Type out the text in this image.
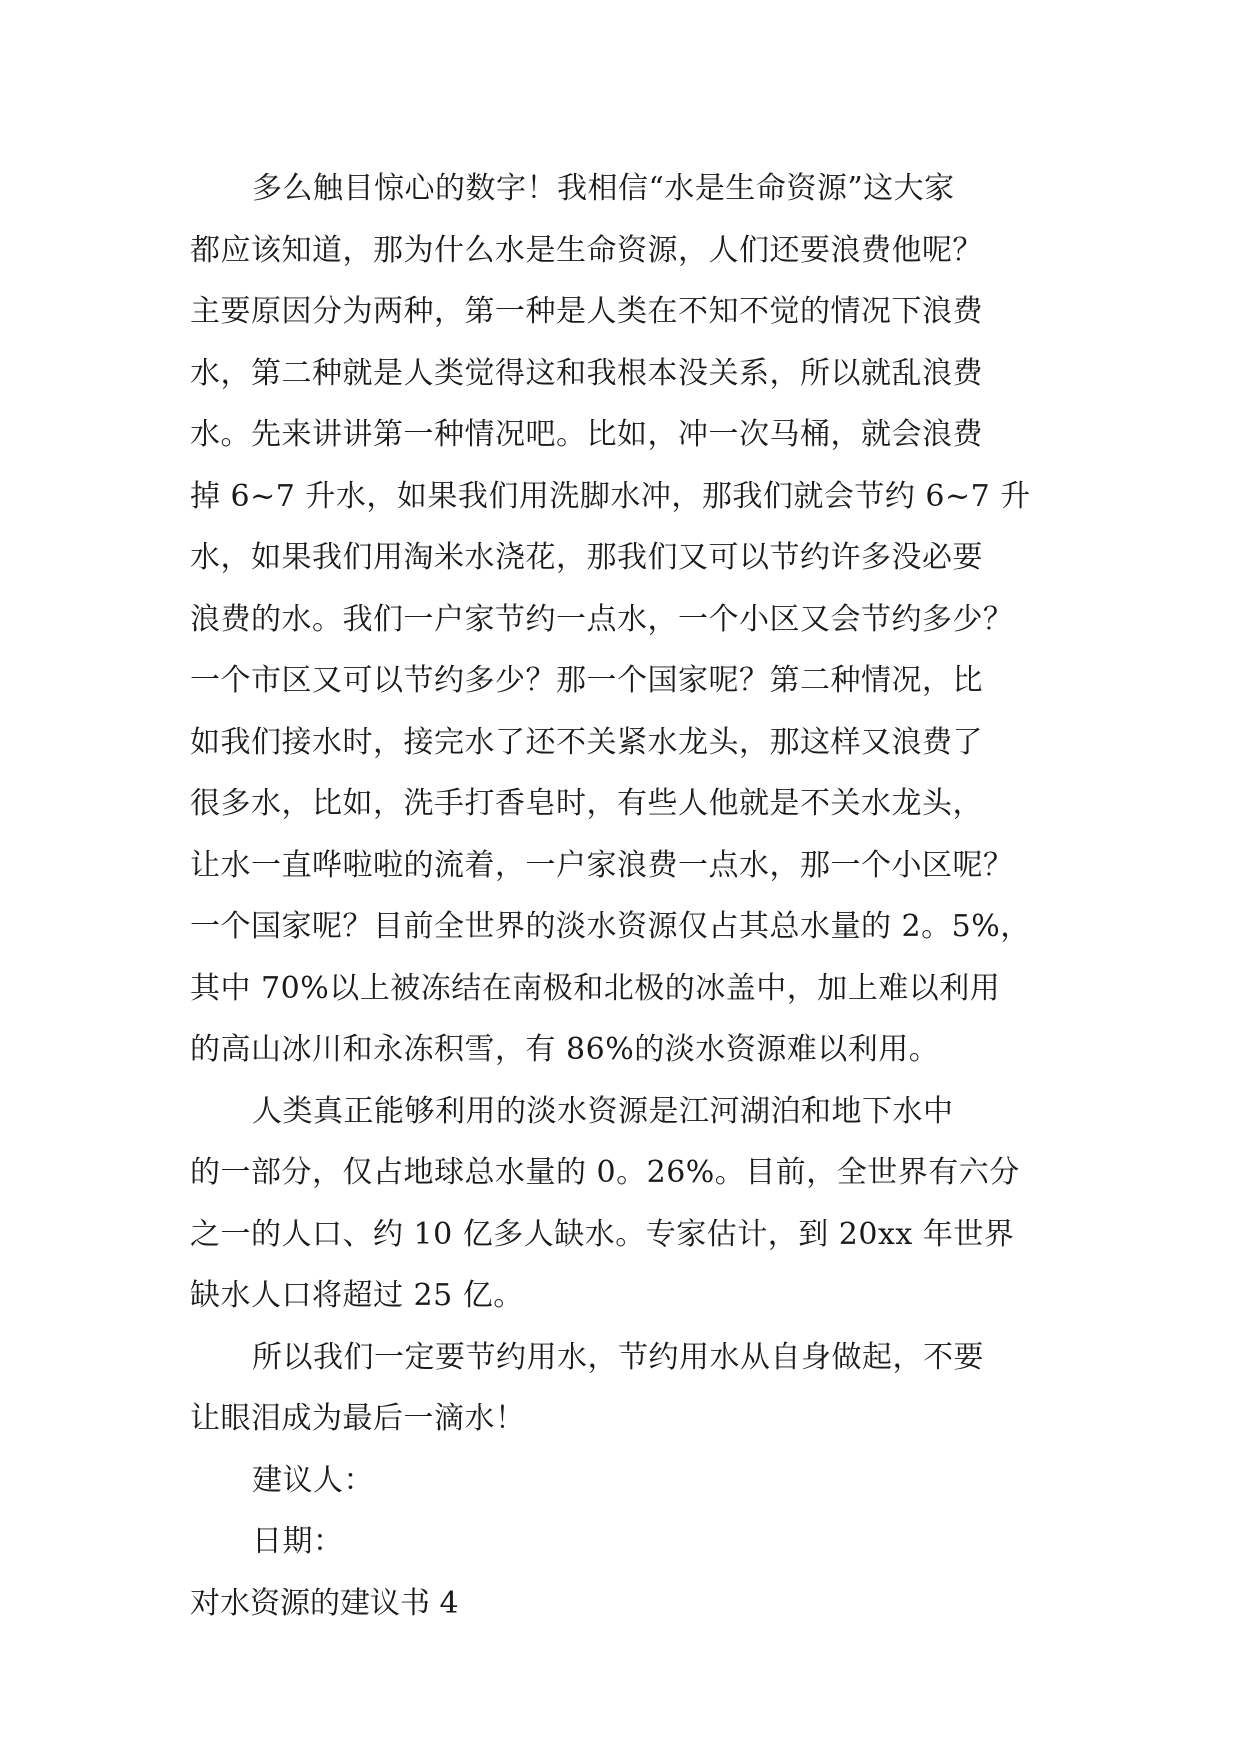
多么触目惊心的数字！我相信“水是生命资源”这大家
都应该知道，那为什么水是生命资源，人们还要浪费他呢？
主要原因分为两种，第一种是人类在不知不觉的情况下浪费
水，第二种就是人类觉得这和我根本没关系，所以就乱浪费
水。先来讲讲第一种情况吧。比如，冲一次马桶，就会浪费
掉 6~7 升水，如果我们用洗脚水冲，那我们就会节约 6~7 升
水，如果我们用淘米水浇花，那我们又可以节约许多没必要
浪费的水。我们一户家节约一点水，一个小区又会节约多少？
一个市区又可以节约多少？那一个国家呢？第二种情况，比
如我们接水时，接完水了还不关紧水龙头，那这样又浪费了
很多水，比如，洗手打香皂时，有些人他就是不关水龙头，
让水一直哗啦啦的流着，一户家浪费一点水，那一个小区呢？
一个国家呢？目前全世界的淡水资源仅占其总水量的 2。5%，
其中 70%以上被冻结在南极和北极的冰盖中，加上难以利用
的高山冰川和永冻积雪，有 86%的淡水资源难以利用。
人类真正能够利用的淡水资源是江河湖泊和地下水中
的一部分，仅占地球总水量的 0。26%。目前，全世界有六分
之一的人口、约 10 亿多人缺水。专家估计，到 20xx 年世界
缺水人口将超过 25 亿。
所以我们一定要节约用水，节约用水从自身做起，不要
让眼泪成为最后一滴水！
建议人：
日期：
对水资源的建议书 4
